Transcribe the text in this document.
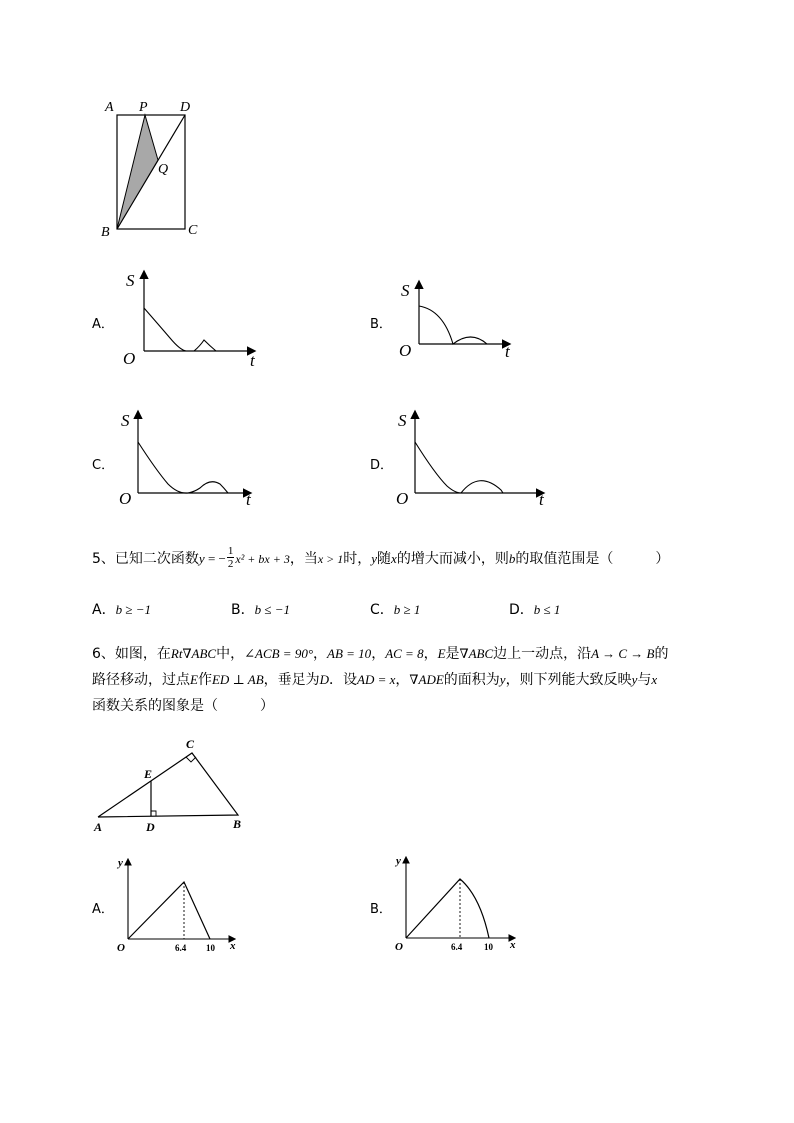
A P D
Q
B	C
A．
S
O	t
B．
S
O	t
C．
S
O	t
D．
S
O	t
5、已知二次函数y = − $\frac{1}{2} x^2$ + bx + 3，当x > 1时，y随x的增大而减小，则b的取值范围是（　　　）
A．b ≥ −1	B．b ≤ −1	C．b ≥ 1	D．b ≤ 1
6、如图，在Rt∇ABC中，∠ACB = 90°，AB = 10，AC = 8，E是∇ABC边上一动点，沿A → C → B的
路径移动，过点E作ED ⊥ AB，垂足为D．设AD = x，∇ADE的面积为y，则下列能大致反映y与x
函数关系的图象是（　　　）
A	B
C
D
E
A．
y
O	x
6.4 10
B．
y
O	x
6.4 10
